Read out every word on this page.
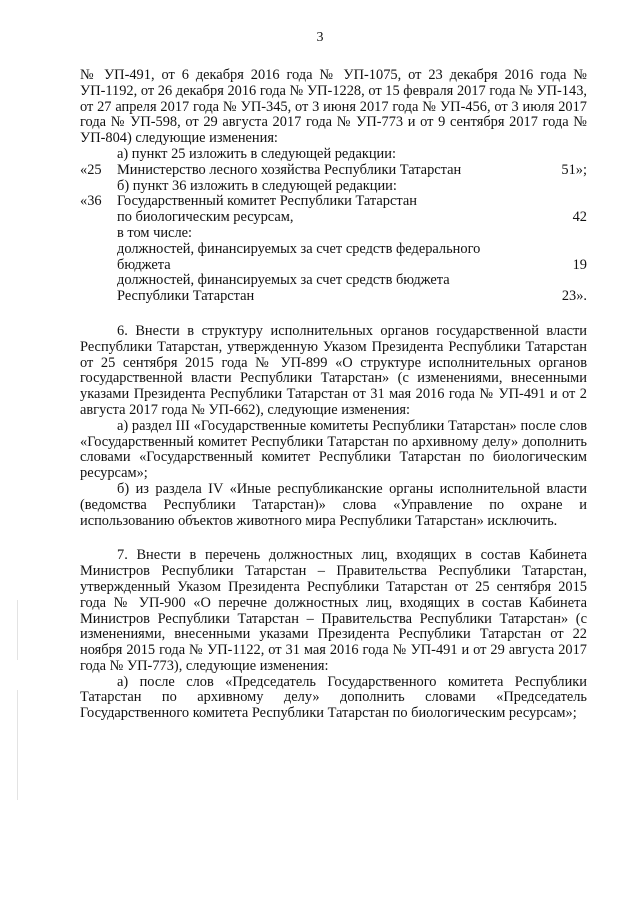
3

№ УП-491, от 6 декабря 2016 года № УП-1075, от 23 декабря 2016 года № УП-1192, от 26 декабря 2016 года № УП-1228, от 15 февраля 2017 года № УП-143, от 27 апреля 2017 года № УП-345, от 3 июня 2017 года № УП-456, от 3 июля 2017 года № УП-598, от 29 августа 2017 года № УП-773 и от 9 сентября 2017 года № УП-804) следующие изменения:

а) пункт 25 изложить в следующей редакции:

«25	Министерство лесного хозяйства Республики Татарстан	51»;

б) пункт 36 изложить в следующей редакции:

«36	Государственный комитет Республики Татарстан
по биологическим ресурсам,	42
в том числе:
должностей, финансируемых за счет средств федерального
бюджета	19
должностей, финансируемых за счет средств бюджета
Республики Татарстан	23».

6. Внести в структуру исполнительных органов государственной власти Республики Татарстан, утвержденную Указом Президента Республики Татарстан от 25 сентября 2015 года № УП-899 «О структуре исполнительных органов государственной власти Республики Татарстан» (с изменениями, внесенными указами Президента Республики Татарстан от 31 мая 2016 года № УП-491 и от 2 августа 2017 года № УП-662), следующие изменения:

а) раздел III «Государственные комитеты Республики Татарстан» после слов «Государственный комитет Республики Татарстан по архивному делу» дополнить словами «Государственный комитет Республики Татарстан по биологическим ресурсам»;

б) из раздела IV «Иные республиканские органы исполнительной власти (ведомства Республики Татарстан)» слова «Управление по охране и использованию объектов животного мира Республики Татарстан» исключить.

7. Внести в перечень должностных лиц, входящих в состав Кабинета Министров Республики Татарстан – Правительства Республики Татарстан, утвержденный Указом Президента Республики Татарстан от 25 сентября 2015 года № УП-900 «О перечне должностных лиц, входящих в состав Кабинета Министров Республики Татарстан – Правительства Республики Татарстан» (с изменениями, внесенными указами Президента Республики Татарстан от 22 ноября 2015 года № УП-1122, от 31 мая 2016 года № УП-491 и от 29 августа 2017 года № УП-773), следующие изменения:

а) после слов «Председатель Государственного комитета Республики Татарстан по архивному делу» дополнить словами «Председатель Государственного комитета Республики Татарстан по биологическим ресурсам»;
